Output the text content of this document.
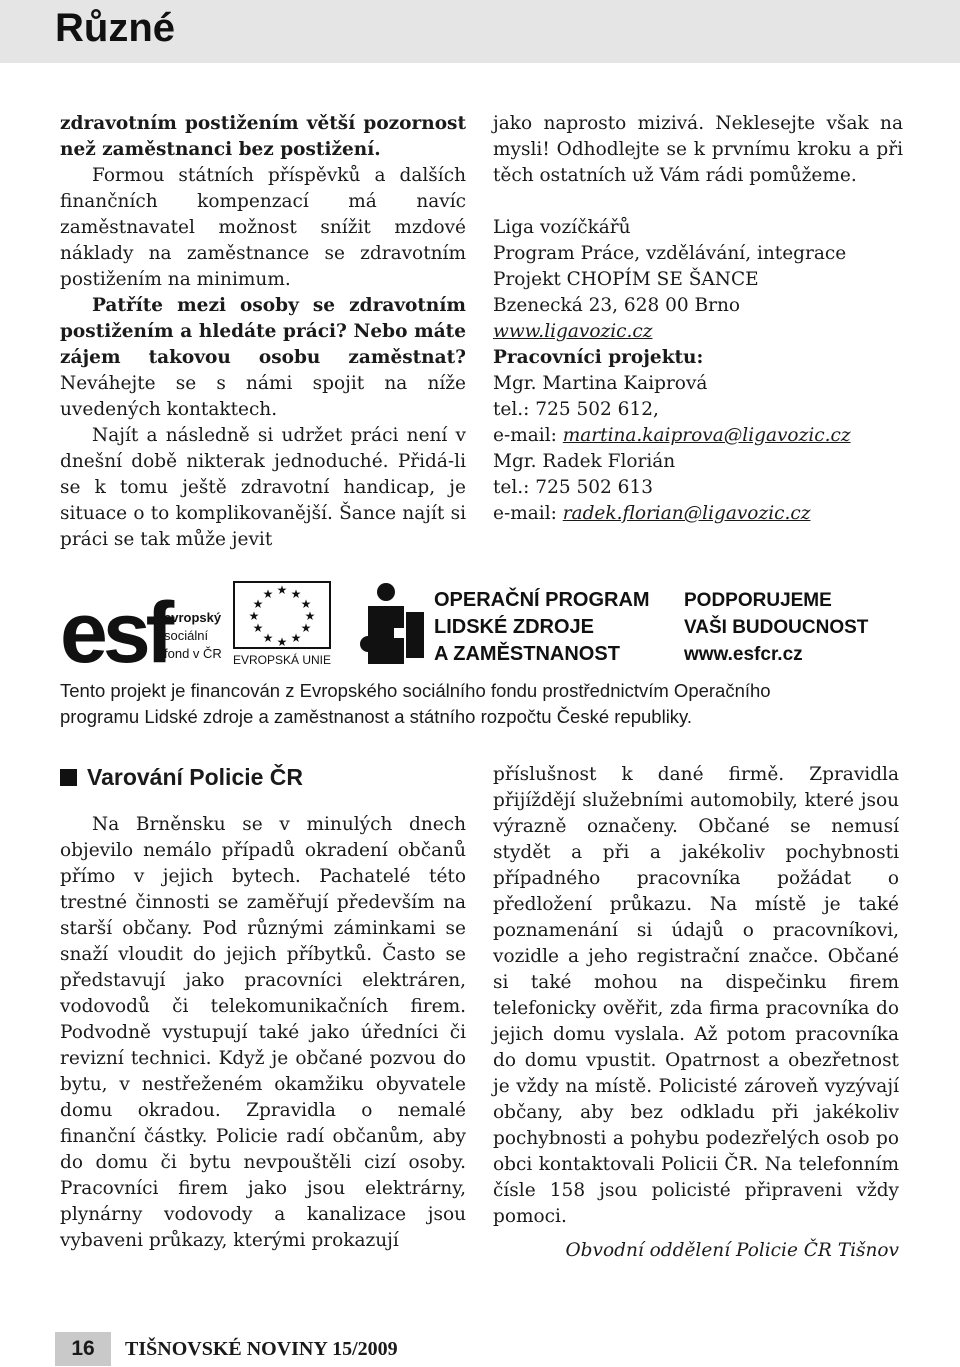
Různé

zdravotním postižením větší pozornost než zaměstnanci bez postižení.

Formou státních příspěvků a dalších finančních kompenzací má navíc zaměstnavatel možnost snížit mzdové náklady na zaměstnance se zdravotním postižením na minimum.

Patříte mezi osoby se zdravotním postižením a hledáte práci? Nebo máte zájem takovou osobu zaměstnat? Neváhejte se s námi spojit na níže uvedených kontaktech.

Najít a následně si udržet práci není v dnešní době nikterak jednoduché. Přidá-li se k tomu ještě zdravotní handicap, je situace o to komplikovanější. Šance najít si práci se tak může jevit

jako naprosto mizivá. Neklesejte však na mysli! Odhodlejte se k prvnímu kroku a při těch ostatních už Vám rádi pomůžeme.

Liga vozíčkářů
Program Práce, vzdělávání, integrace
Projekt CHOPÍM SE ŠANCE
Bzenecká 23, 628 00 Brno
www.ligavozic.cz
Pracovníci projektu:
Mgr. Martina Kaiprová
tel.: 725 502 612,
e-mail: martina.kaiprova@ligavozic.cz
Mgr. Radek Florián
tel.: 725 502 613
e-mail: radek.florian@ligavozic.cz
esf
evropský
sociální
fond v ČR
★ ★
★
★
★
★
★
★
★
★
★
★
EVROPSKÁ UNIE
OPERAČNÍ PROGRAM
LIDSKÉ ZDROJE
A ZAMĚSTNANOST
PODPORUJEME
VAŠI BUDOUCNOST
www.esfcr.cz
Tento projekt je financován z Evropského sociálního fondu prostřednictvím Operačního
programu Lidské zdroje a zaměstnanost a státního rozpočtu České republiky.
Varování Policie ČR

Na Brněnsku se v minulých dnech objevilo nemálo případů okradení občanů přímo v jejich bytech. Pachatelé této trestné činnosti se zaměřují především na starší občany. Pod různými záminkami se snaží vloudit do jejich příbytků. Často se představují jako pracovníci elektráren, vodovodů či telekomunikačních firem. Podvodně vystupují také jako úředníci či revizní technici. Když je občané pozvou do bytu, v nestřeženém okamžiku obyvatele domu okradou. Zpravidla o nemalé finanční částky. Policie radí občanům, aby do domu či bytu nevpouštěli cizí osoby. Pracovníci firem jako jsou elektrárny, plynárny vodovody a kanalizace jsou vybaveni průkazy, kterými prokazují

příslušnost k dané firmě. Zpravidla přijíždějí služebními automobily, které jsou výrazně označeny. Občané se nemusí stydět a při a jakékoliv pochybnosti případného pracovníka požádat o předložení průkazu. Na místě je také poznamenání si údajů o pracovníkovi, vozidle a jeho registrační značce. Občané si také mohou na dispečinku firem telefonicky ověřit, zda firma pracovníka do jejich domu vyslala. Až potom pracovníka do domu vpustit. Opatrnost a obezřetnost je vždy na místě. Policisté zároveň vyzývají občany, aby bez odkladu při jakékoliv pochybnosti a pohybu podezřelých osob po obci kontaktovali Policii ČR. Na telefonním čísle 158 jsou policisté připraveni vždy pomoci.

Obvodní oddělení Policie ČR Tišnov
16	TIŠNOVSKÉ NOVINY 15/2009
